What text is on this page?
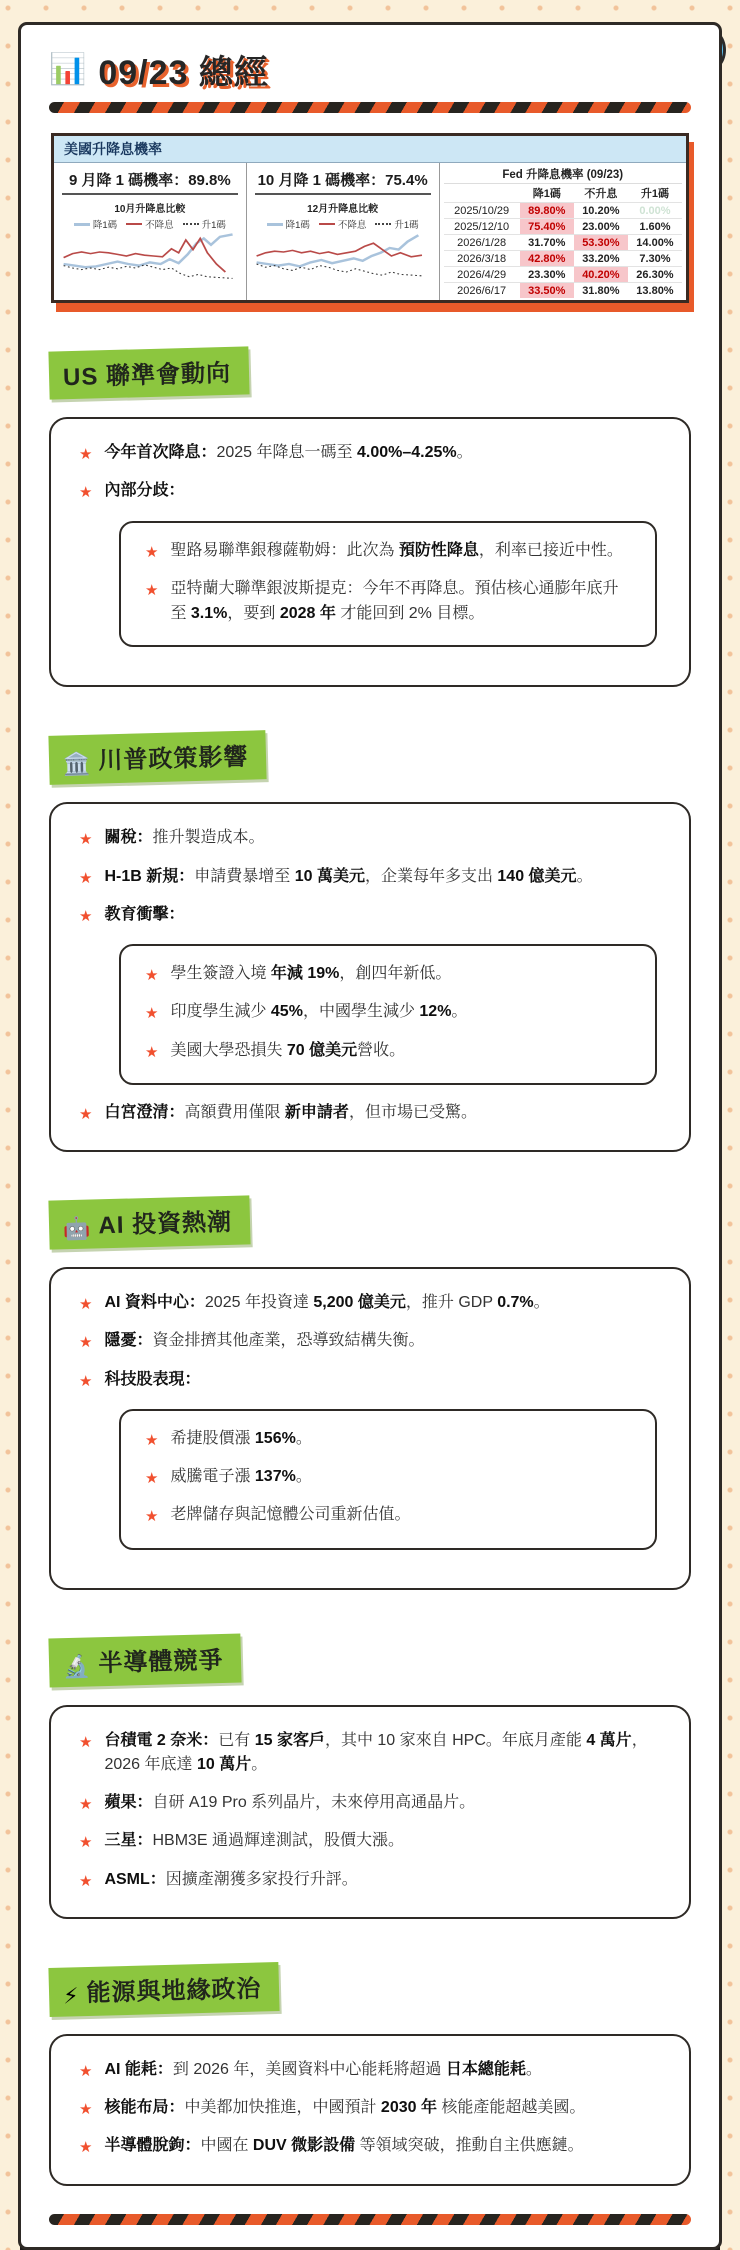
📊 09/23 總經
美國升降息機率
9 月降 1 碼機率：89.8%
10月升降息比較
降1碼	不降息	升1碼
10 月降 1 碼機率：75.4%
12月升降息比較
降1碼	不降息	升1碼
Fed 升降息機率 (09/23)			
	降1碼	不升息	升1碼
2025/10/29	89.80%	10.20%	0.00%
2025/12/10	75.40%	23.00%	1.60%
2026/1/28	31.70%	53.30%	14.00%
2026/3/18	42.80%	33.20%	7.30%
2026/4/29	23.30%	40.20%	26.30%
2026/6/17	33.50%	31.80%	13.80%
US 聯準會動向
★ 今年首次降息：2025 年降息一碼至 4.00%–4.25%。

★ 內部分歧：

★ 聖路易聯準銀穆薩勒姆：此次為 預防性降息，利率已接近中性。

★ 亞特蘭大聯準銀波斯提克：今年不再降息。預估核心通膨年底升至 3.1%，要到 2028 年 才能回到 2% 目標。

🏛️ 川普政策影響
★ 關稅：推升製造成本。

★ H-1B 新規：申請費暴增至 10 萬美元，企業每年多支出 140 億美元。

★ 教育衝擊：

★ 學生簽證入境 年減 19%，創四年新低。

★ 印度學生減少 45%，中國學生減少 12%。

★ 美國大學恐損失 70 億美元營收。

★ 白宮澄清：高額費用僅限 新申請者，但市場已受驚。

🤖 AI 投資熱潮
★ AI 資料中心：2025 年投資達 5,200 億美元，推升 GDP 0.7%。

★ 隱憂：資金排擠其他產業，恐導致結構失衡。

★ 科技股表現：

★ 希捷股價漲 156%。

★ 威騰電子漲 137%。

★ 老牌儲存與記憶體公司重新估值。

🔬 半導體競爭
★ 台積電 2 奈米：已有 15 家客戶，其中 10 家來自 HPC。年底月產能 4 萬片，2026 年底達 10 萬片。

★ 蘋果：自研 A19 Pro 系列晶片，未來停用高通晶片。

★ 三星：HBM3E 通過輝達測試，股價大漲。

★ ASML：因擴產潮獲多家投行升評。

⚡ 能源與地緣政治
★ AI 能耗：到 2026 年，美國資料中心能耗將超過 日本總能耗。

★ 核能布局：中美都加快推進，中國預計 2030 年 核能產能超越美國。

★ 半導體脫鉤：中國在 DUV 微影設備 等領域突破，推動自主供應鏈。
